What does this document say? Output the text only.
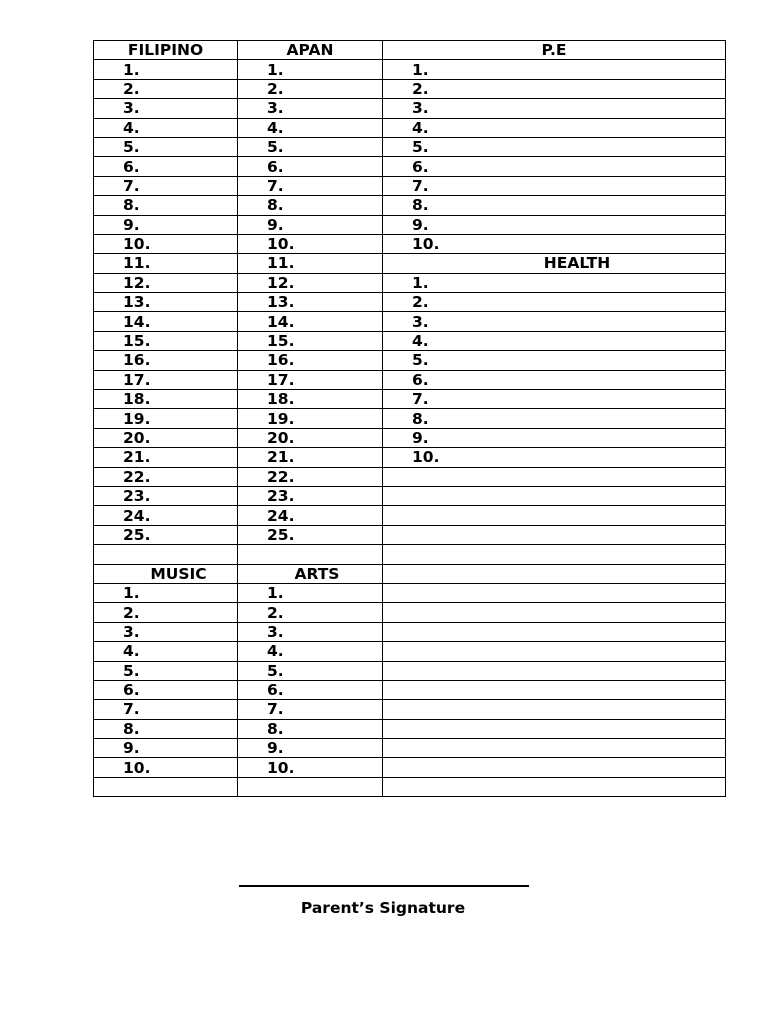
FILIPINO	APAN	P.E
1.	1.	1.
2.	2.	2.
3.	3.	3.
4.	4.	4.
5.	5.	5.
6.	6.	6.
7.	7.	7.
8.	8.	8.
9.	9.	9.
10.	10.	10.
11.	11.	HEALTH
12.	12.	1.
13.	13.	2.
14.	14.	3.
15.	15.	4.
16.	16.	5.
17.	17.	6.
18.	18.	7.
19.	19.	8.
20.	20.	9.
21.	21.	10.
22.	22.	
23.	23.	
24.	24.	
25.	25.	

MUSIC	ARTS	
1.	1.	
2.	2.	
3.	3.	
4.	4.	
5.	5.	
6.	6.	
7.	7.	
8.	8.	
9.	9.	
10.	10.	

Parent’s Signature
